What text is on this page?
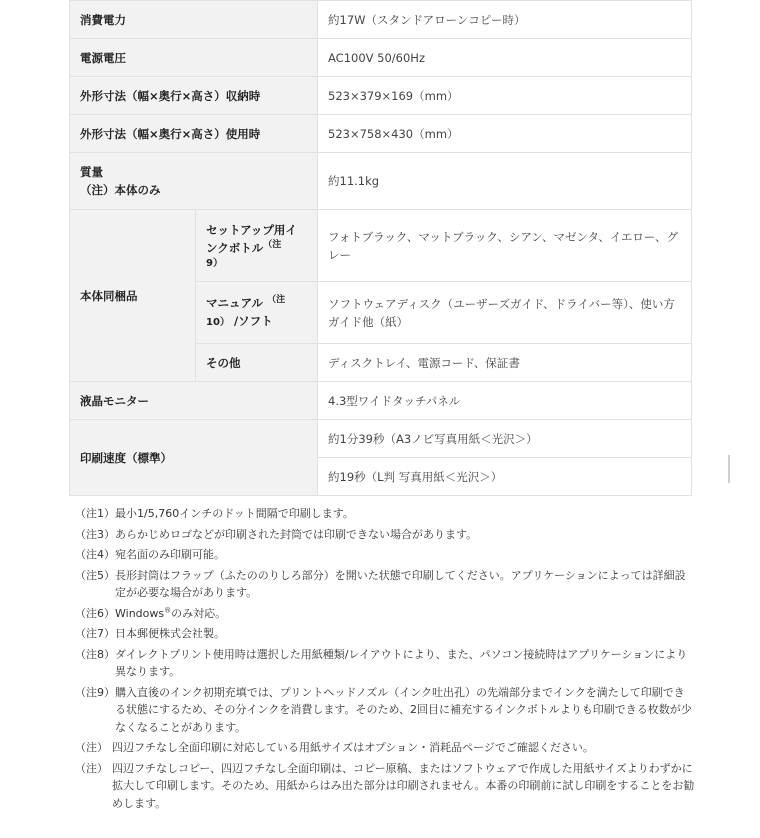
消費電力		約17W（スタンドアローンコピー時）
電源電圧		AC100V 50/60Hz
外形寸法（幅×奥行×高さ）収納時		523×379×169（mm）
外形寸法（幅×奥行×高さ）使用時		523×758×430（mm）

質量
（注）本体のみ		約11.1kg
本体同梱品	セットアップ用イ
ンクボトル$^{(注}$
9）	フォトブラック、マットブラック、シアン、マゼンタ、イエロー、グレー

	マニュアル $^{(注}$
10） /ソフト	ソフトウェアディスク（ユーザーズガイド、ドライバー等）、使い方ガイド他（紙）
	その他	ディスクトレイ、電源コード、保証書
液晶モニター		4.3型ワイドタッチパネル
印刷速度（標準）		約1分39秒（A3ノビ写真用紙＜光沢＞）
		約19秒（L判 写真用紙＜光沢＞）
（注1） 最小1/5,760インチのドット間隔で印刷します。
（注3） あらかじめロゴなどが印刷された封筒では印刷できない場合があります。
（注4） 宛名面のみ印刷可能。
（注5） 長形封筒はフラップ（ふたののりしろ部分）を開いた状態で印刷してください。アプリケーションによっては詳細設定が必要な場合があります。
（注6） Windows®のみ対応。
（注7） 日本郵便株式会社製。
（注8） ダイレクトプリント使用時は選択した用紙種類/レイアウトにより、また、パソコン接続時はアプリケーションにより異なります。
（注9） 購入直後のインク初期充填では、プリントヘッドノズル（インク吐出孔）の先端部分までインクを満たして印刷できる状態にするため、その分インクを消費します。そのため、2回目に補充するインクボトルよりも印刷できる枚数が少なくなることがあります。
（注） 四辺フチなし全面印刷に対応している用紙サイズはオプション・消耗品ページでご確認ください。
（注） 四辺フチなしコピー、四辺フチなし全面印刷は、コピー原稿、またはソフトウェアで作成した用紙サイズよりわずかに拡大して印刷します。そのため、用紙からはみ出た部分は印刷されません。本番の印刷前に試し印刷をすることをお勧めします。
